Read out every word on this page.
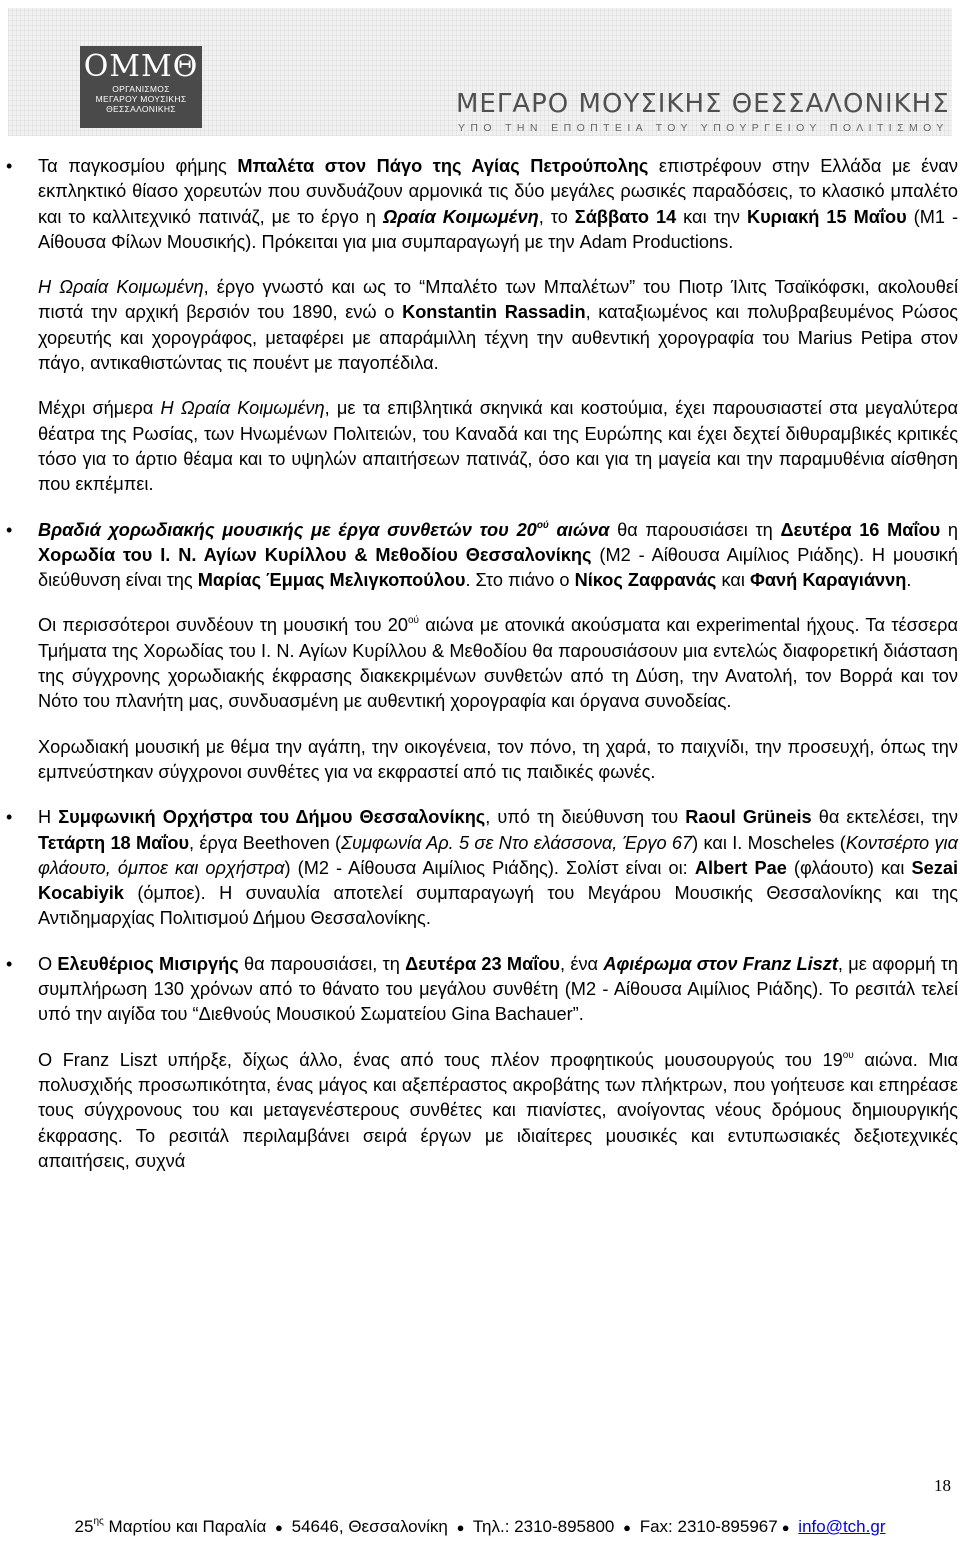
OMMΘ
ΟΡΓΑΝΙΣΜΟΣ
ΜΕΓΑΡΟΥ ΜΟΥΣΙΚΗΣ
ΘΕΣΣΑΛΟΝΙΚΗΣ	ΜΕΓΑΡΟ ΜΟΥΣΙΚΗΣ ΘΕΣΣΑΛΟΝΙΚΗΣ
ΥΠΟ ΤΗΝ ΕΠΟΠΤΕΙΑ ΤΟΥ ΥΠΟΥΡΓΕΙΟΥ ΠΟΛΙΤΙΣΜΟΥ

• Τα παγκοσμίου φήμης Μπαλέτα στον Πάγο της Αγίας Πετρούπολης επιστρέφουν στην Ελλάδα με έναν εκπληκτικό θίασο χορευτών που συνδυάζουν αρμονικά τις δύο μεγάλες ρωσικές παραδόσεις, το κλασικό μπαλέτο και το καλλιτεχνικό πατινάζ, με το έργο η Ωραία Κοιμωμένη, το Σάββατο 14 και την Κυριακή 15 Μαΐου (Μ1 - Αίθουσα Φίλων Μουσικής). Πρόκειται για μια συμπαραγωγή με την Adam Productions.

Η Ωραία Κοιμωμένη, έργο γνωστό και ως το “Μπαλέτο των Μπαλέτων” του Πιοτρ Ίλιτς Τσαϊκόφσκι, ακολουθεί πιστά την αρχική βερσιόν του 1890, ενώ ο Konstantin Rassadin, καταξιωμένος και πολυβραβευμένος Ρώσος χορευτής και χορογράφος, μεταφέρει με απαράμιλλη τέχνη την αυθεντική χορογραφία του Marius Petipa στον πάγο, αντικαθιστώντας τις πουέντ με παγοπέδιλα.

Μέχρι σήμερα Η Ωραία Κοιμωμένη, με τα επιβλητικά σκηνικά και κοστούμια, έχει παρουσιαστεί στα μεγαλύτερα θέατρα της Ρωσίας, των Ηνωμένων Πολιτειών, του Καναδά και της Ευρώπης και έχει δεχτεί διθυραμβικές κριτικές τόσο για το άρτιο θέαμα και το υψηλών απαιτήσεων πατινάζ, όσο και για τη μαγεία και την παραμυθένια αίσθηση που εκπέμπει.

• Βραδιά χορωδιακής μουσικής με έργα συνθετών του $20^{oύ}$ αιώνα θα παρουσιάσει τη Δευτέρα 16 Μαΐου η Χορωδία του Ι. Ν. Αγίων Κυρίλλου & Μεθοδίου Θεσσαλονίκης (Μ2 - Αίθουσα Αιμίλιος Ριάδης). Η μουσική διεύθυνση είναι της Μαρίας Έμμας Μελιγκοπούλου. Στο πιάνο ο Νίκος Ζαφρανάς και Φανή Καραγιάννη.

Οι περισσότεροι συνδέουν τη μουσική του $20^{oύ}$ αιώνα με ατονικά ακούσματα και experimental ήχους. Τα τέσσερα Τμήματα της Χορωδίας του Ι. Ν. Αγίων Κυρίλλου & Μεθοδίου θα παρουσιάσουν μια εντελώς διαφορετική διάσταση της σύγχρονης χορωδιακής έκφρασης διακεκριμένων συνθετών από τη Δύση, την Ανατολή, τον Βορρά και τον Νότο του πλανήτη μας, συνδυασμένη με αυθεντική χορογραφία και όργανα συνοδείας.

Χορωδιακή μουσική με θέμα την αγάπη, την οικογένεια, τον πόνο, τη χαρά, το παιχνίδι, την προσευχή, όπως την εμπνεύστηκαν σύγχρονοι συνθέτες για να εκφραστεί από τις παιδικές φωνές.

• Η Συμφωνική Ορχήστρα του Δήμου Θεσσαλονίκης, υπό τη διεύθυνση του Raoul Grüneis θα εκτελέσει, την Τετάρτη 18 Μαΐου, έργα Beethoven (Συμφωνία Αρ. 5 σε Ντο ελάσσονα, Έργο 67) και Ι. Moscheles (Κοντσέρτο για φλάουτο, όμποε και ορχήστρα) (Μ2 - Αίθουσα Αιμίλιος Ριάδης). Σολίστ είναι οι: Albert Pae (φλάουτο) και Sezai Kocabiyik (όμποε). Η συναυλία αποτελεί συμπαραγωγή του Μεγάρου Μουσικής Θεσσαλονίκης και της Αντιδημαρχίας Πολιτισμού Δήμου Θεσσαλονίκης.

• Ο Ελευθέριος Μισιργής θα παρουσιάσει, τη Δευτέρα 23 Μαΐου, ένα Αφιέρωμα στον Franz Liszt, με αφορμή τη συμπλήρωση 130 χρόνων από το θάνατο του μεγάλου συνθέτη (Μ2 - Αίθουσα Αιμίλιος Ριάδης). Το ρεσιτάλ τελεί υπό την αιγίδα του “Διεθνούς Μουσικού Σωματείου Gina Bachauer”.

O Franz Liszt υπήρξε, δίχως άλλο, ένας από τους πλέον προφητικούς μουσουργούς του $19^{o\upsilon}$ αιώνα. Μια πολυσχιδής προσωπικότητα, ένας μάγος και αξεπέραστος ακροβάτης των πλήκτρων, που γοήτευσε και επηρέασε τους σύγχρονους του και μεταγενέστερους συνθέτες και πιανίστες, ανοίγοντας νέους δρόμους δημιουργικής έκφρασης. Το ρεσιτάλ περιλαμβάνει σειρά έργων με ιδιαίτερες μουσικές και εντυπωσιακές δεξιοτεχνικές απαιτήσεις, συχνά

18
$25^{\eta\varsigma}$ Μαρτίου και Παραλία ● 54646, Θεσσαλονίκη ● Τηλ.: 2310-895800 ● Fax: 2310-895967 ● info@tch.gr
